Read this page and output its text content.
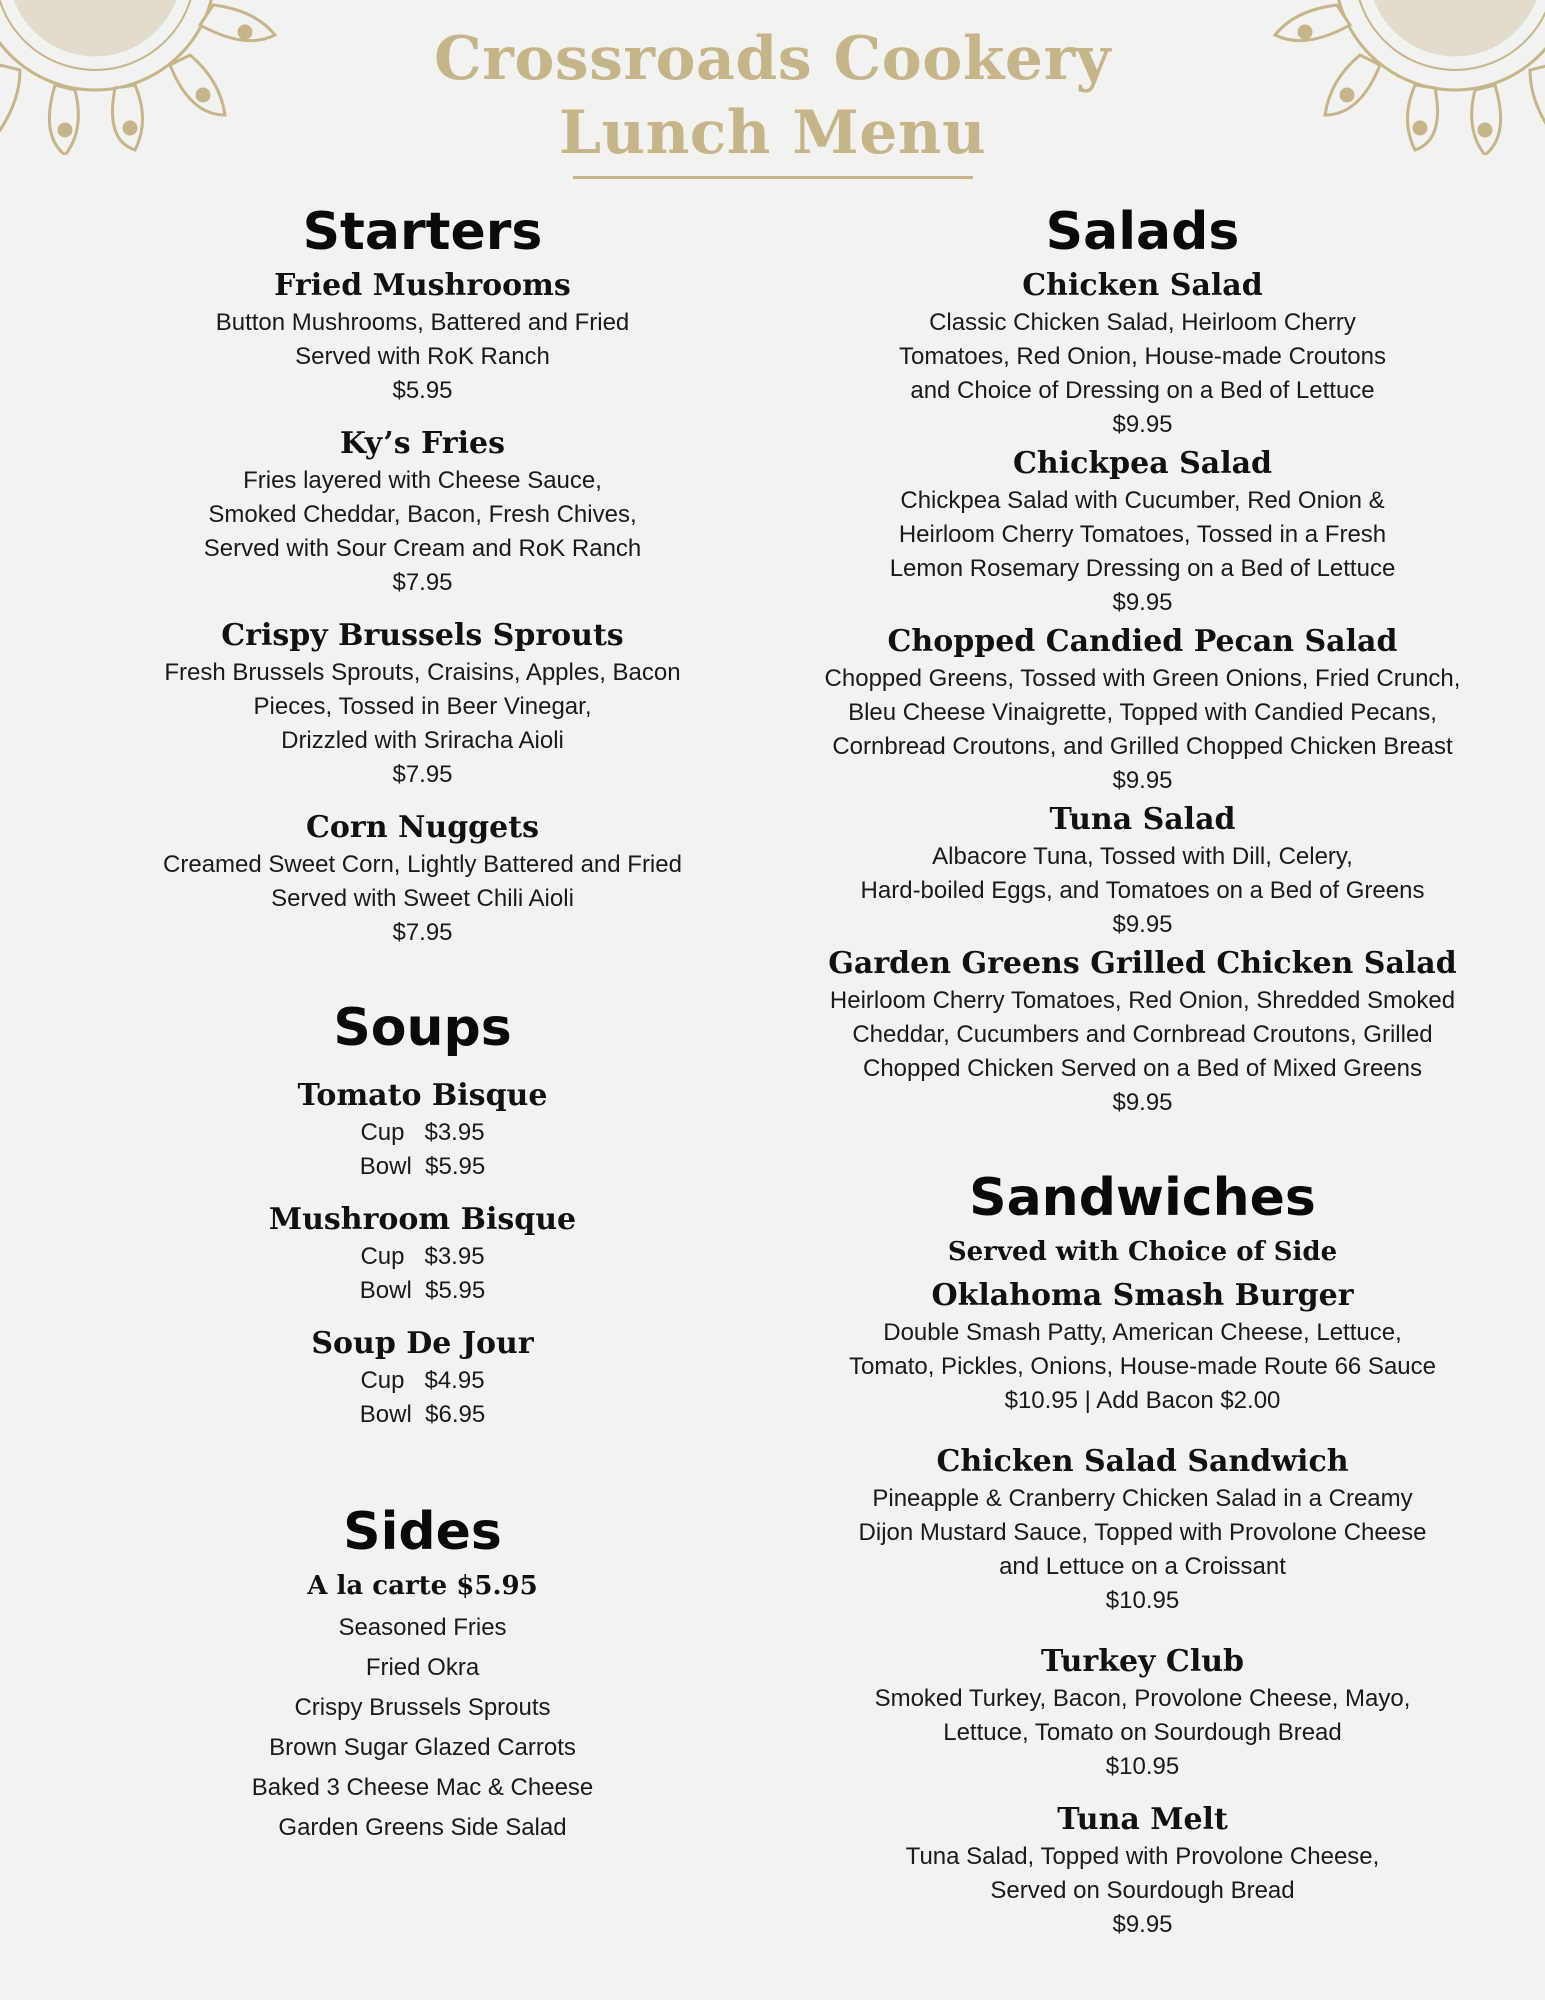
Crossroads Cookery
Lunch Menu
Starters
Fried Mushrooms
Button Mushrooms, Battered and Fried
Served with RoK Ranch
$5.95
Ky’s Fries
Fries layered with Cheese Sauce,
Smoked Cheddar, Bacon, Fresh Chives,
Served with Sour Cream and RoK Ranch
$7.95
Crispy Brussels Sprouts
Fresh Brussels Sprouts, Craisins, Apples, Bacon
Pieces, Tossed in Beer Vinegar,
Drizzled with Sriracha Aioli
$7.95
Corn Nuggets
Creamed Sweet Corn, Lightly Battered and Fried
Served with Sweet Chili Aioli
$7.95
Soups
Tomato Bisque
Cup   $3.95
Bowl  $5.95
Mushroom Bisque
Cup   $3.95
Bowl  $5.95
Soup De Jour
Cup   $4.95
Bowl  $6.95
Sides
A la carte $5.95
Seasoned Fries
Fried Okra
Crispy Brussels Sprouts
Brown Sugar Glazed Carrots
Baked 3 Cheese Mac & Cheese
Garden Greens Side Salad
Salads
Chicken Salad
Classic Chicken Salad, Heirloom Cherry
Tomatoes, Red Onion, House-made Croutons
and Choice of Dressing on a Bed of Lettuce
$9.95
Chickpea Salad
Chickpea Salad with Cucumber, Red Onion &
Heirloom Cherry Tomatoes, Tossed in a Fresh
Lemon Rosemary Dressing on a Bed of Lettuce
$9.95
Chopped Candied Pecan Salad
Chopped Greens, Tossed with Green Onions, Fried Crunch,
Bleu Cheese Vinaigrette, Topped with Candied Pecans,
Cornbread Croutons, and Grilled Chopped Chicken Breast
$9.95
Tuna Salad
Albacore Tuna, Tossed with Dill, Celery,
Hard-boiled Eggs, and Tomatoes on a Bed of Greens
$9.95
Garden Greens Grilled Chicken Salad
Heirloom Cherry Tomatoes, Red Onion, Shredded Smoked
Cheddar, Cucumbers and Cornbread Croutons, Grilled
Chopped Chicken Served on a Bed of Mixed Greens
$9.95
Sandwiches
Served with Choice of Side
Oklahoma Smash Burger
Double Smash Patty, American Cheese, Lettuce,
Tomato, Pickles, Onions, House-made Route 66 Sauce
$10.95 | Add Bacon $2.00
Chicken Salad Sandwich
Pineapple & Cranberry Chicken Salad in a Creamy
Dijon Mustard Sauce, Topped with Provolone Cheese
and Lettuce on a Croissant
$10.95
Turkey Club
Smoked Turkey, Bacon, Provolone Cheese, Mayo,
Lettuce, Tomato on Sourdough Bread
$10.95
Tuna Melt
Tuna Salad, Topped with Provolone Cheese,
Served on Sourdough Bread
$9.95
